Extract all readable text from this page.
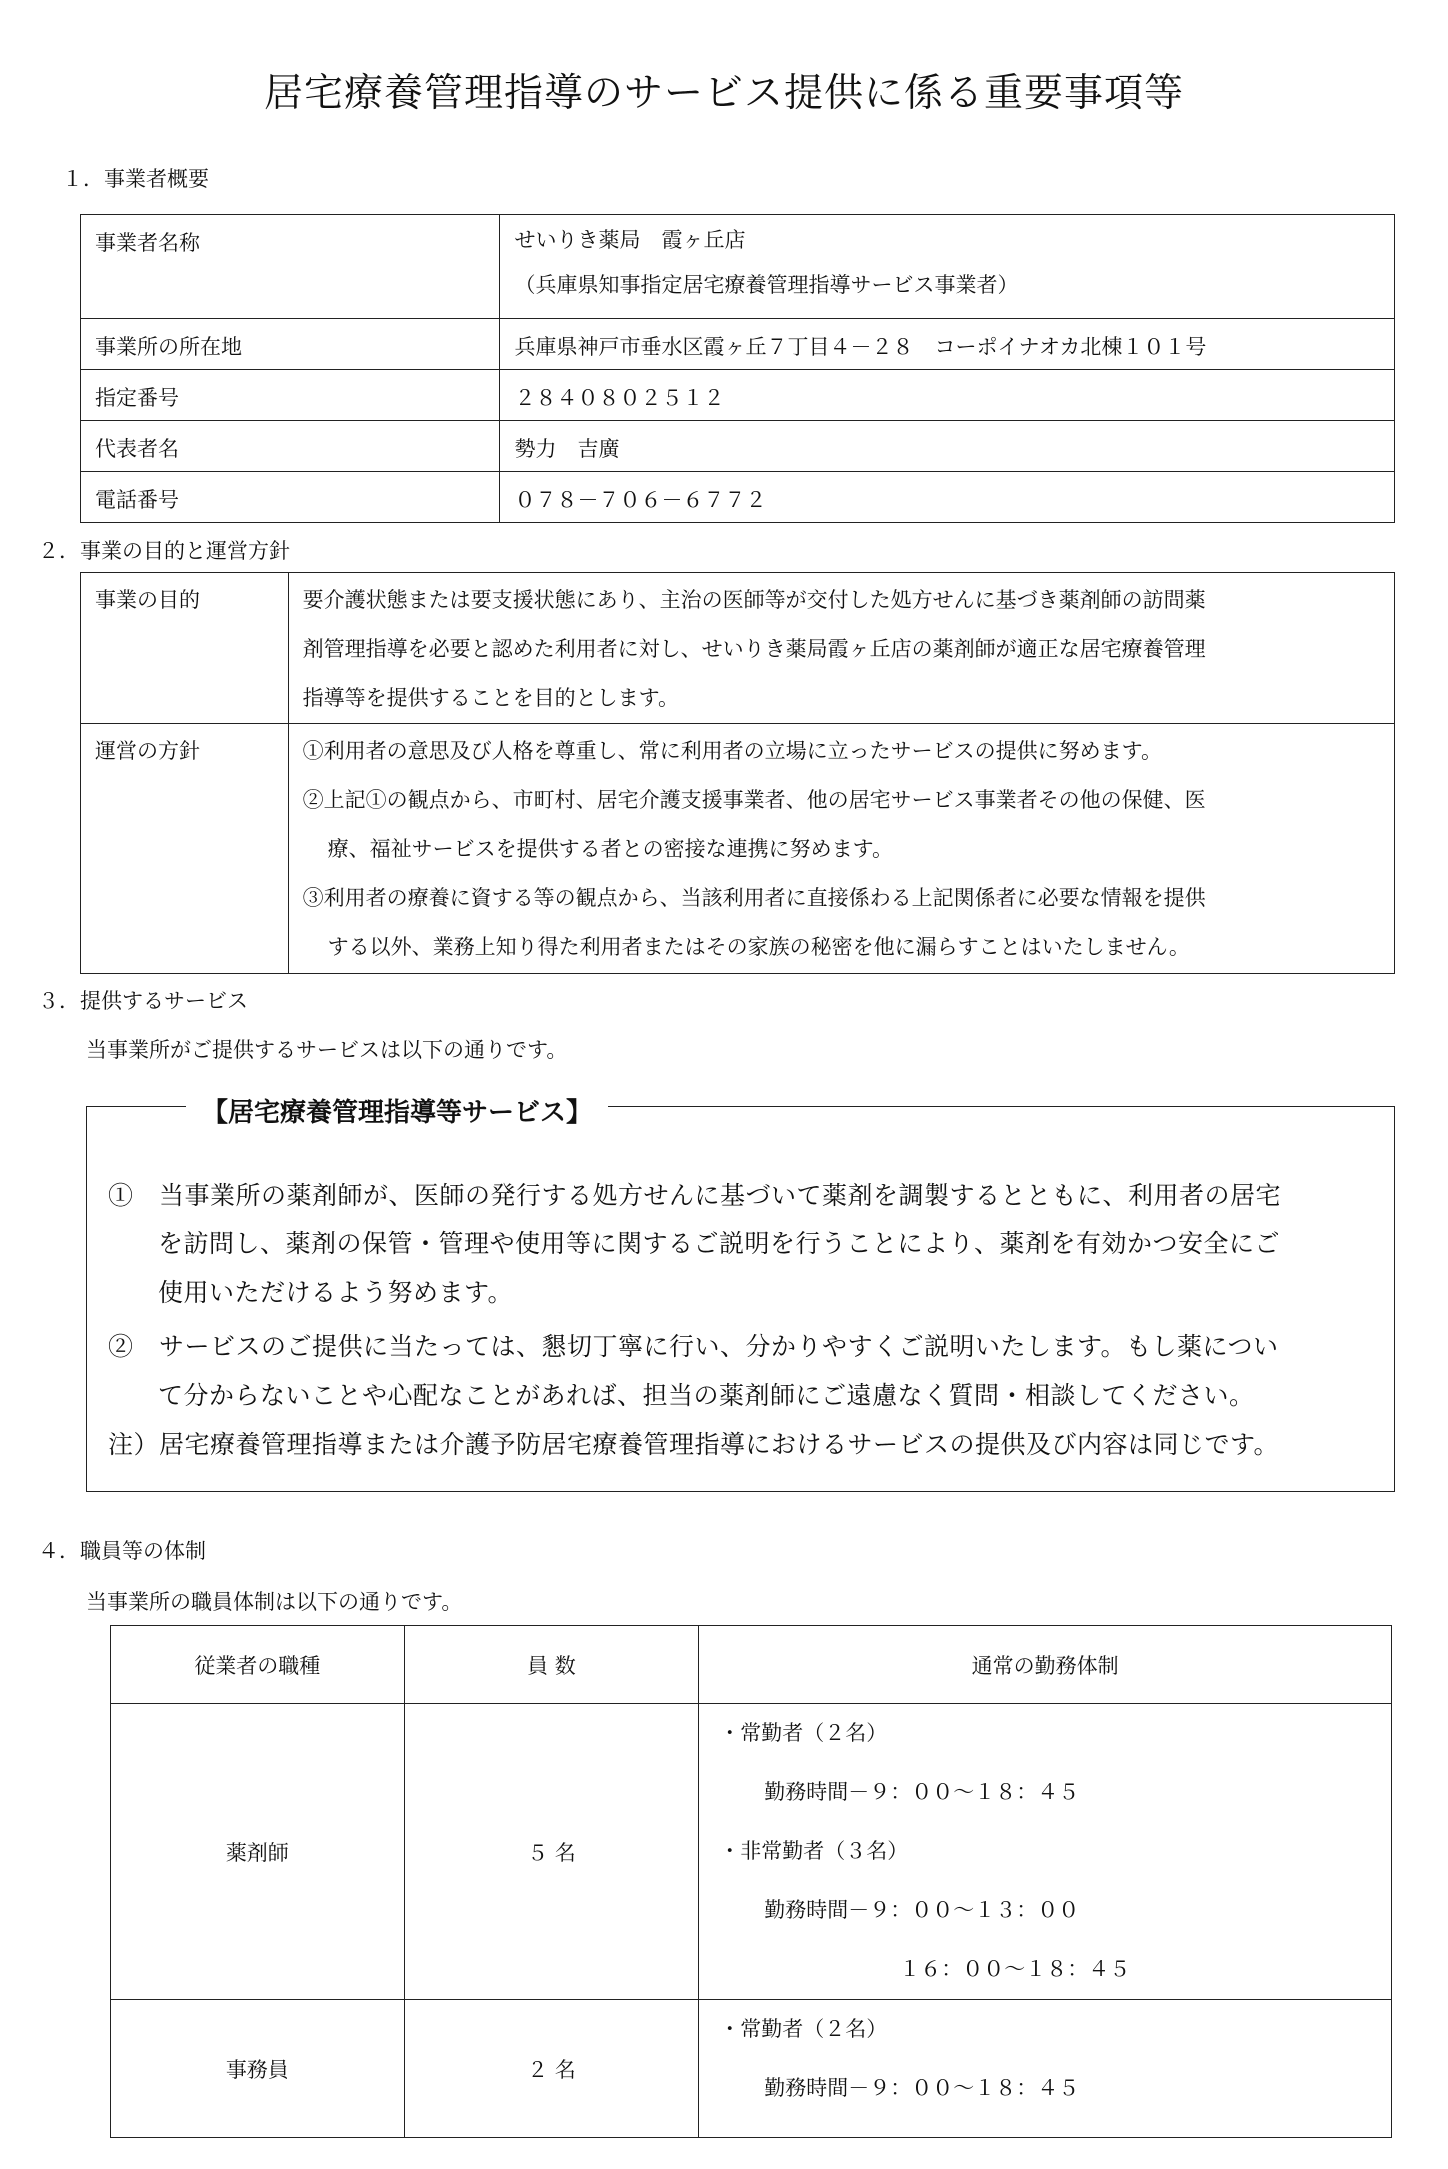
居宅療養管理指導のサービス提供に係る重要事項等
１．事業者概要
事業者名称	せいりき薬局　霞ヶ丘店
（兵庫県知事指定居宅療養管理指導サービス事業者）

事業所の所在地	兵庫県神戸市垂水区霞ヶ丘７丁目４－２８　コーポイナオカ北棟１０１号
指定番号	２８４０８０２５１２
代表者名	勢力　吉廣
電話番号	０７８－７０６－６７７２
２．事業の目的と運営方針
事業の目的	要介護状態または要支援状態にあり、主治の医師等が交付した処方せんに基づき薬剤師の訪問薬
剤管理指導を必要と認めた利用者に対し、せいりき薬局霞ヶ丘店の薬剤師が適正な居宅療養管理
指導等を提供することを目的とします。

運営の方針	①利用者の意思及び人格を尊重し、常に利用者の立場に立ったサービスの提供に努めます。
②上記①の観点から、市町村、居宅介護支援事業者、他の居宅サービス事業者その他の保健、医
療、福祉サービスを提供する者との密接な連携に努めます。
③利用者の療養に資する等の観点から、当該利用者に直接係わる上記関係者に必要な情報を提供
する以外、業務上知り得た利用者またはその家族の秘密を他に漏らすことはいたしません。
３．提供するサービス
当事業所がご提供するサービスは以下の通りです。
【居宅療養管理指導等サービス】
①　当事業所の薬剤師が、医師の発行する処方せんに基づいて薬剤を調製するとともに、利用者の居宅
を訪問し、薬剤の保管・管理や使用等に関するご説明を行うことにより、薬剤を有効かつ安全にご
使用いただけるよう努めます。
②　サービスのご提供に当たっては、懇切丁寧に行い、分かりやすくご説明いたします。もし薬につい
て分からないことや心配なことがあれば、担当の薬剤師にご遠慮なく質問・相談してください。
注）居宅療養管理指導または介護予防居宅療養管理指導におけるサービスの提供及び内容は同じです。
４．職員等の体制
当事業所の職員体制は以下の通りです。
従業者の職種	員 数	通常の勤務体制
薬剤師	５ 名	・常勤者（２名）
勤務時間－９：００～１８：４５
・非常勤者（３名）
勤務時間－９：００～１３：００
１６：００～１８：４５

事務員	２ 名	・常勤者（２名）
勤務時間－９：００～１８：４５
